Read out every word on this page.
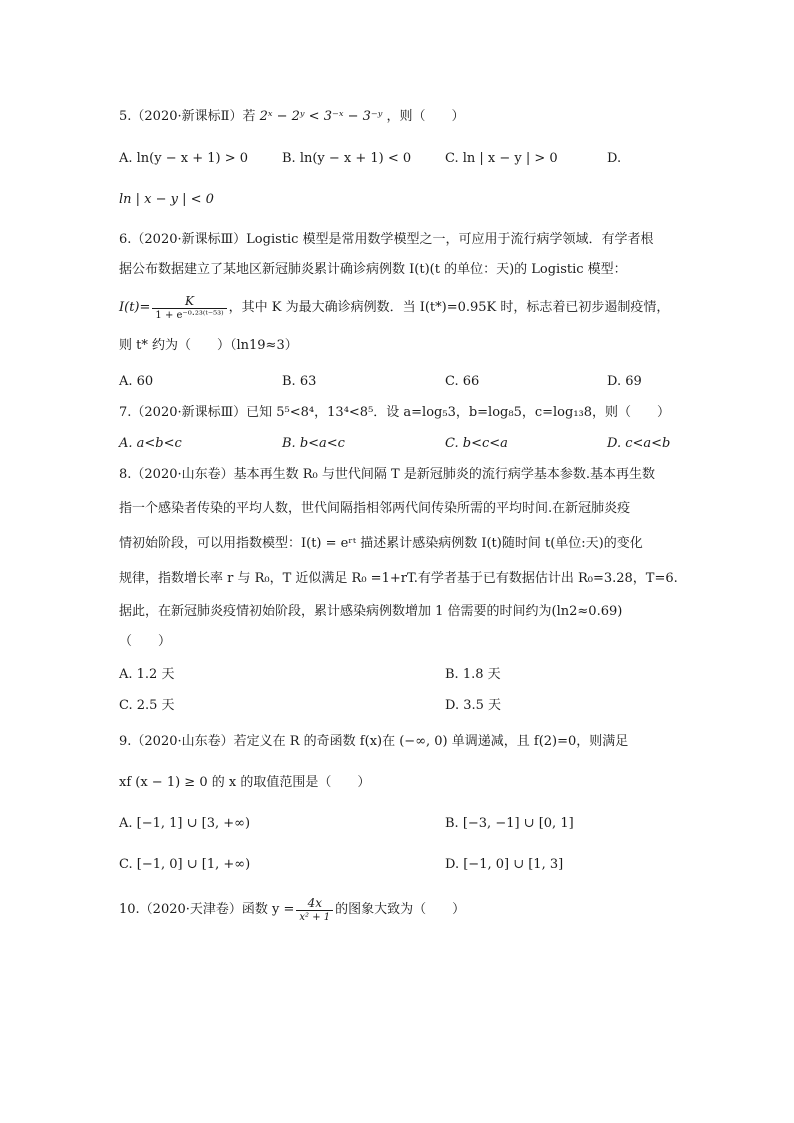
5.（2020·新课标Ⅱ）若 2ˣ − 2ʸ < 3⁻ˣ − 3⁻ʸ ，则（　　）
A. ln(y − x + 1) > 0	B. ln(y − x + 1) < 0	C. ln | x − y | > 0	D.
ln | x − y | < 0
6.（2020·新课标Ⅲ）Logistic 模型是常用数学模型之一，可应用于流行病学领域．有学者根
据公布数据建立了某地区新冠肺炎累计确诊病例数 I(t)(t 的单位：天)的 Logistic 模型：
$I(t)= \frac{K}{\text{1 + e⁻⁰·²³⁽ᵗ⁻⁵³⁾}}$ ，其中 K 为最大确诊病例数．当 I(t*)=0.95K 时，标志着已初步遏制疫情，
则 t* 约为（　　）（ln19≈3）
A. 60	B. 63	C. 66	D. 69
7.（2020·新课标Ⅲ）已知 5⁵<8⁴，13⁴<8⁵．设 a=log₅3，b=log₈5，c=log₁₃8，则（　　）
A. a<b<c	B. b<a<c	C. b<c<a	D. c<a<b
8.（2020·山东卷）基本再生数 R₀ 与世代间隔 T 是新冠肺炎的流行病学基本参数.基本再生数
指一个感染者传染的平均人数，世代间隔指相邻两代间传染所需的平均时间.在新冠肺炎疫
情初始阶段，可以用指数模型：I(t) = eʳᵗ 描述累计感染病例数 I(t)随时间 t(单位:天)的变化
规律，指数增长率 r 与 R₀，T 近似满足 R₀ =1+rT.有学者基于已有数据估计出 R₀=3.28，T=6.
据此，在新冠肺炎疫情初始阶段，累计感染病例数增加 1 倍需要的时间约为(ln2≈0.69)
（　　）
A. 1.2 天	B. 1.8 天
C. 2.5 天	D. 3.5 天
9.（2020·山东卷）若定义在 R 的奇函数 f(x)在 (−∞, 0) 单调递减，且 f(2)=0，则满足
xf (x − 1) ≥ 0 的 x 的取值范围是（　　）
A. [−1, 1] ∪ [3, +∞)	B. [−3, −1] ∪ [0, 1]
C. [−1, 0] ∪ [1, +∞)	D. [−1, 0] ∪ [1, 3]
10.（2020·天津卷）函数 $y = \frac{4x}{\text{x² + 1}}$ 的图象大致为（　　）
